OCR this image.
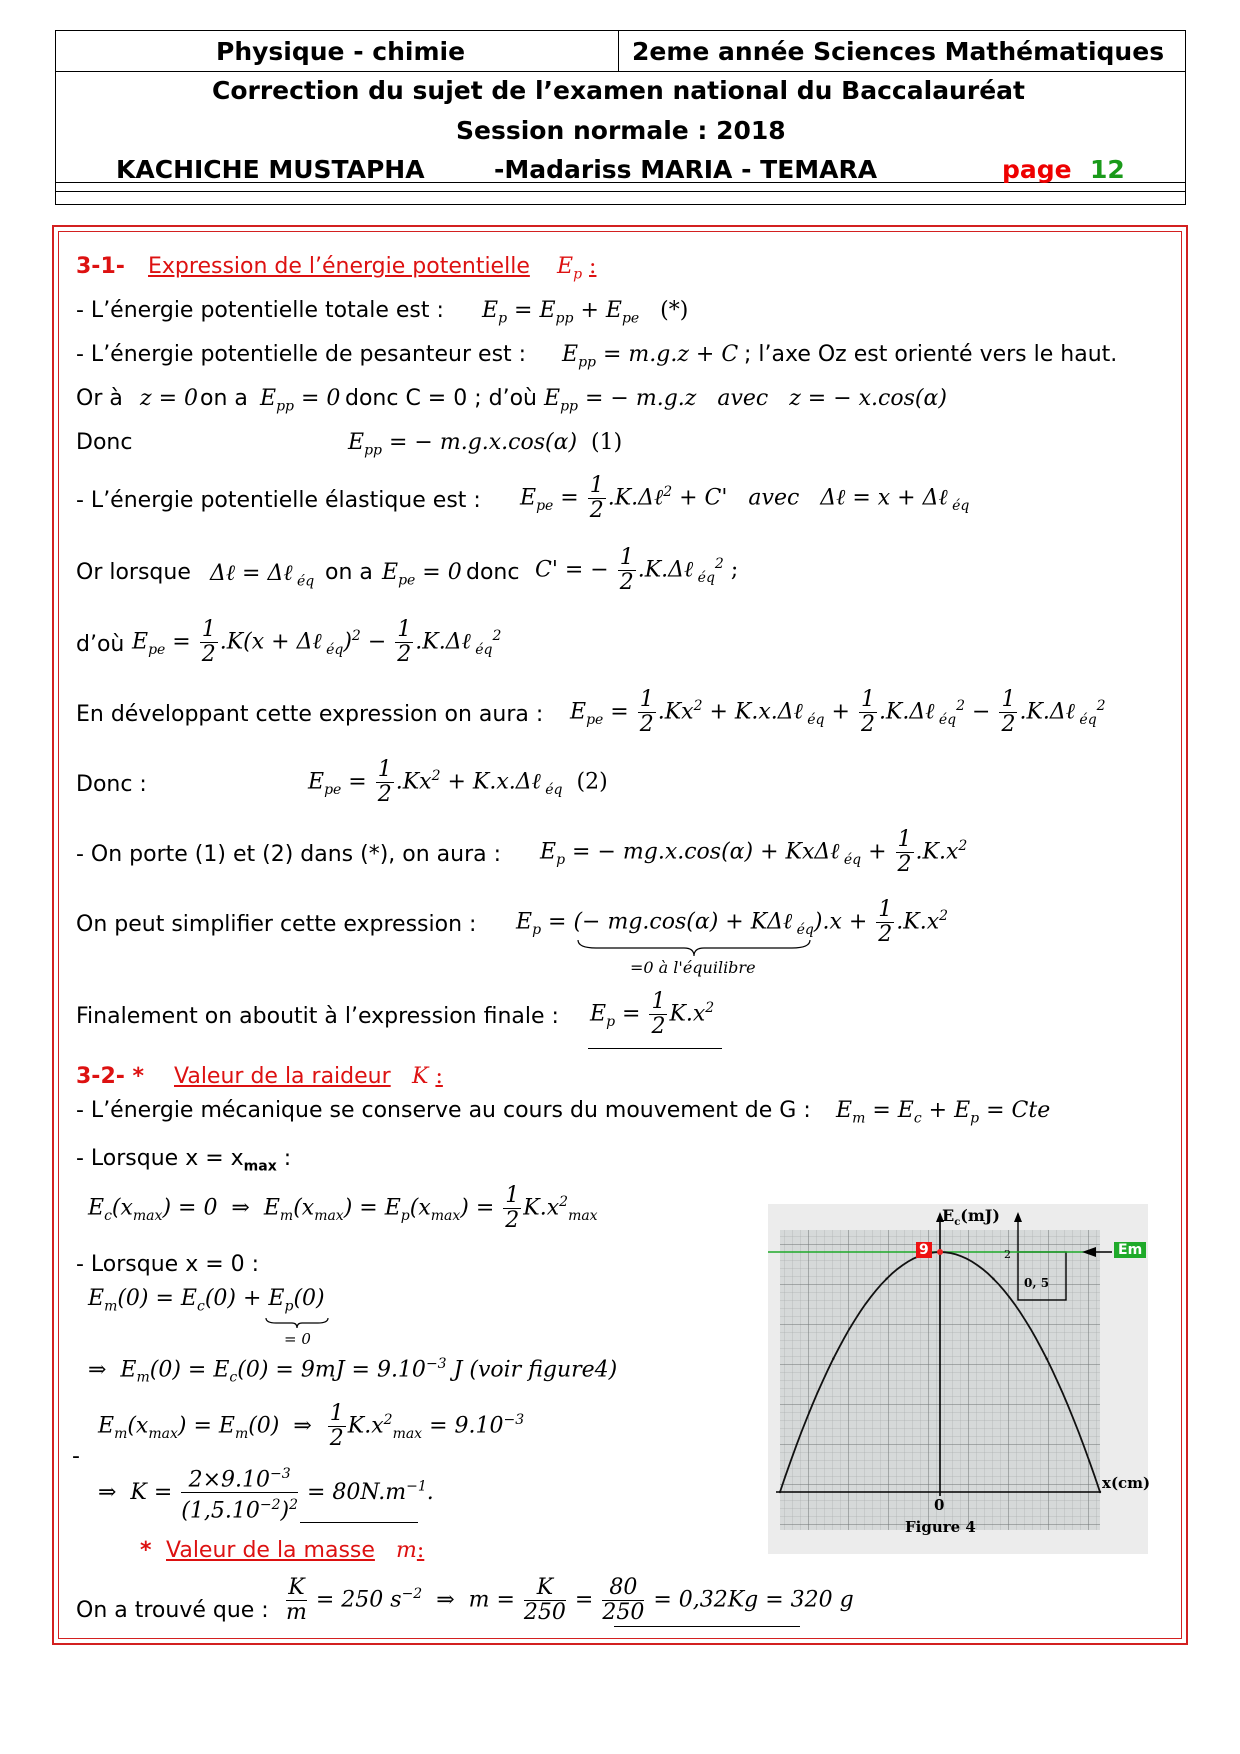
Physique - chimie	2eme année Sciences Mathématiques
Correction du sujet de l’examen national du Baccalauréat
Session normale : 2018
KACHICHE MUSTAPHA	-Madariss MARIA - TEMARA	page 12
3-1- Expression de l’énergie potentielle $E_p$ :
- L’énergie potentielle totale est : $E_p = E_{pp} + E_{pe}$ (*)
- L’énergie potentielle de pesanteur est : $E_{pp} = m.g.z + C$ ; l’axe Oz est orienté vers le haut.
Or à z = 0 on a $E_{pp} = 0$ donc C = 0 ; d’où $E_{pp}$ = − m.g.z   avec   z = − x.cos(α)
Donc	$E_{pp}$ = − m.g.x.cos(α)  (1)
- L’énergie potentielle élastique est : $E_{pe} = \frac{1}{2}$ .K.Δℓ$^2$ + C'   avec   Δℓ = x + Δℓ $_{éq}$
Or lorsque Δℓ = Δℓ $_{éq}$ on a $E_{pe} = 0$ donc C' = − $\frac{1}{2}$ .K.Δℓ $_{éq}^2$ ;
d’où $E_{pe} = \frac{1}{2} .K(x$ + Δℓ $_{éq})^2 - \frac{1}{2}$ .K.Δℓ $_{éq}^2$
En développant cette expression on aura : $E_{pe} = \frac{1}{2} .Kx^2$ + K.x.Δℓ $_{éq} + \frac{1}{2}$ .K.Δℓ $_{éq}^2 - \frac{1}{2}$ .K.Δℓ $_{éq}^2$
Donc :	$E_{pe} = \frac{1}{2} .Kx^2$ + K.x.Δℓ $_{éq}$ (2)
- On porte (1) et (2) dans (*), on aura : $E_p$ = − mg.x.cos(α) + KxΔℓ $_{éq} + \frac{1}{2} .K.x^2$
On peut simplifier cette expression : $E_p$ = (− mg.cos(α) + KΔℓ $_{éq}).x + \frac{1}{2} .K.x^2$
=0 à l'équilibre
Finalement on aboutit à l’expression finale : $E_p = \frac{1}{2} K.x^2$
3-2- * Valeur de la raideur K :
- L’énergie mécanique se conserve au cours du mouvement de G : $E_m = E_c + E_p$ = Cte
- Lorsque $x = x_{max}$ :
$E_c(x_{max}) = 0$  ⇒  $E_m(x_{max}) = E_p(x_{max}) = \frac{1}{2} K.x^2_{max}$
- Lorsque x = 0 :
$E_m(0) = E_c(0) + E_p(0)$
= 0
⇒  $E_m(0) = E_c(0) = 9mJ = 9.10^{-3}$ J (voir figure4)
$E_m(x_{max}) = E_m(0)$  ⇒ $\frac{1}{2} K.x^2_{max} = 9.10^{-3}$
-
⇒  $K = \frac{2\times 9.10^{-3}}{(1,5.10^{-2})^2} = 80N.m^{-1}$.
* Valeur de la masse m:
On a trouvé que : $\frac{K}{m} = 250$ $s^{-2}$  ⇒  $m = \frac{K}{250} = \frac{80}{250} = 0,32Kg = 320$ g
$E_c(mJ)$
x(cm)
0
9	Em
2
0, 5
Figure 4
